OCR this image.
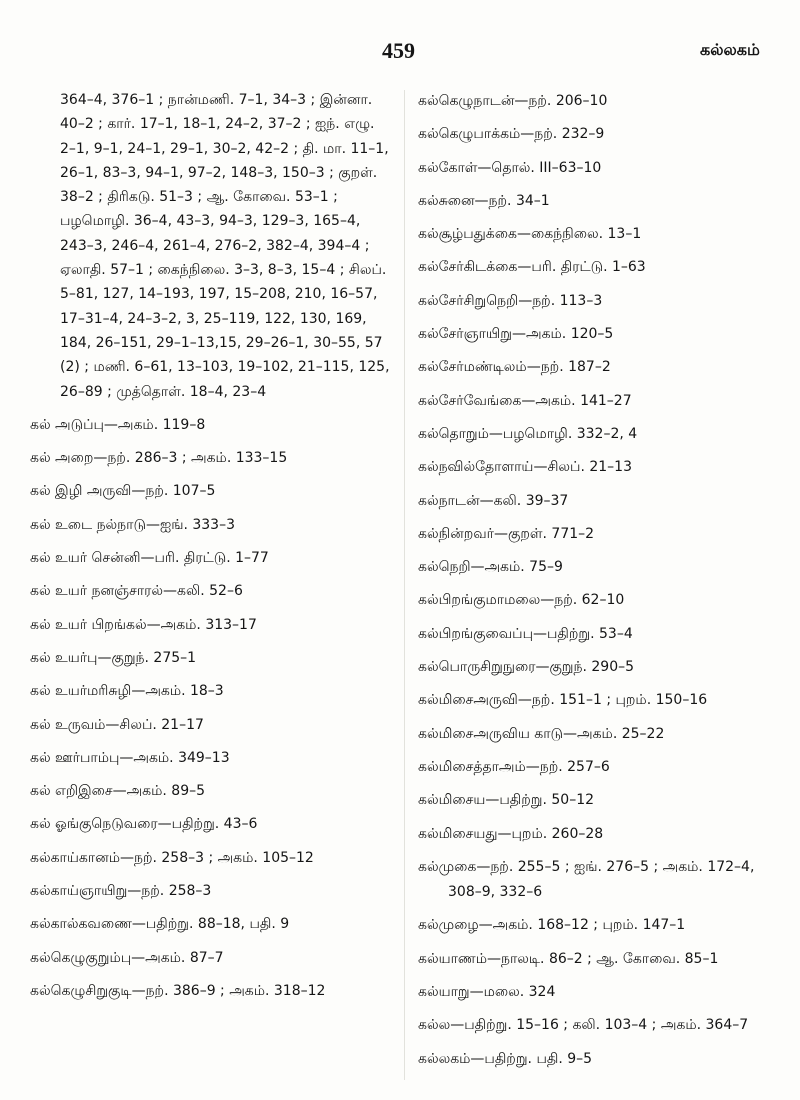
459	கல்லகம்
364–4, 376–1 ; நான்மணி. 7–1, 34–3 ; இன்னா. 40–2 ; கார். 17–1, 18–1, 24–2, 37–2 ; ஐந். எழு. 2–1, 9–1, 24–1, 29–1, 30–2, 42–2 ; தி. மா. 11–1, 26–1, 83–3, 94–1, 97–2, 148–3, 150–3 ; குறள். 38–2 ; திரிகடு. 51–3 ; ஆ. கோவை. 53–1 ; பழமொழி. 36–4, 43–3, 94–3, 129–3, 165–4, 243–3, 246–4, 261–4, 276–2, 382–4, 394–4 ; ஏலாதி. 57–1 ; கைந்நிலை. 3–3, 8–3, 15–4 ; சிலப். 5–81, 127, 14–193, 197, 15–208, 210, 16–57, 17–31–4, 24–3–2, 3, 25–119, 122, 130, 169, 184, 26–151, 29–1–13,15, 29–26–1, 30–55, 57 (2) ; மணி. 6–61, 13–103, 19–102, 21–115, 125, 26–89 ; முத்தொள். 18–4, 23–4
கல் அடுப்பு—அகம். 119–8
கல் அறை—நற். 286–3 ; அகம். 133–15
கல் இழி அருவி—நற். 107–5
கல் உடை நல்நாடு—ஐங். 333–3
கல் உயர் சென்னி—பரி. திரட்டு. 1–77
கல் உயர் நனஞ்சாரல்—கலி. 52–6
கல் உயர் பிறங்கல்—அகம். 313–17
கல் உயர்பு—குறுந். 275–1
கல் உயர்மரிசுழி—அகம். 18–3
கல் உருவம்—சிலப். 21–17
கல் ஊர்பாம்பு—அகம். 349–13
கல் எறிஇசை—அகம். 89–5
கல் ஓங்குநெடுவரை—பதிற்று. 43–6
கல்காய்கானம்—நற். 258–3 ; அகம். 105–12
கல்காய்ஞாயிறு—நற். 258–3
கல்கால்கவணை—பதிற்று. 88–18, பதி. 9
கல்கெழுகுறும்பு—அகம். 87–7
கல்கெழுசிறுகுடி—நற். 386–9 ; அகம். 318–12
கல்கெழுநாடன்—நற். 206–10
கல்கெழுபாக்கம்—நற். 232–9
கல்கோள்—தொல். III–63–10
கல்சுனை—நற். 34–1
கல்சூழ்பதுக்கை—கைந்நிலை. 13–1
கல்சேர்கிடக்கை—பரி. திரட்டு. 1–63
கல்சேர்சிறுநெறி—நற். 113–3
கல்சேர்ஞாயிறு—அகம். 120–5
கல்சேர்மண்டிலம்—நற். 187–2
கல்சேர்வேங்கை—அகம். 141–27
கல்தொறும்—பழமொழி. 332–2, 4
கல்நவில்தோளாய்—சிலப். 21–13
கல்நாடன்—கலி. 39–37
கல்நின்றவர்—குறள். 771–2
கல்நெறி—அகம். 75–9
கல்பிறங்குமாமலை—நற். 62–10
கல்பிறங்குவைப்பு—பதிற்று. 53–4
கல்பொருசிறுநுரை—குறுந். 290–5
கல்மிசைஅருவி—நற். 151–1 ; புறம். 150–16
கல்மிசைஅருவிய காடு—அகம். 25–22
கல்மிசைத்தாஅம்—நற். 257–6
கல்மிசைய—பதிற்று. 50–12
கல்மிசையது—புறம். 260–28
கல்முகை—நற். 255–5 ; ஐங். 276–5 ; அகம். 172–4, 308–9, 332–6
கல்முழை—அகம். 168–12 ; புறம். 147–1
கல்யாணம்—நாலடி. 86–2 ; ஆ. கோவை. 85–1
கல்யாறு—மலை. 324
கல்ல—பதிற்று. 15–16 ; கலி. 103–4 ; அகம். 364–7
கல்லகம்—பதிற்று. பதி. 9–5
